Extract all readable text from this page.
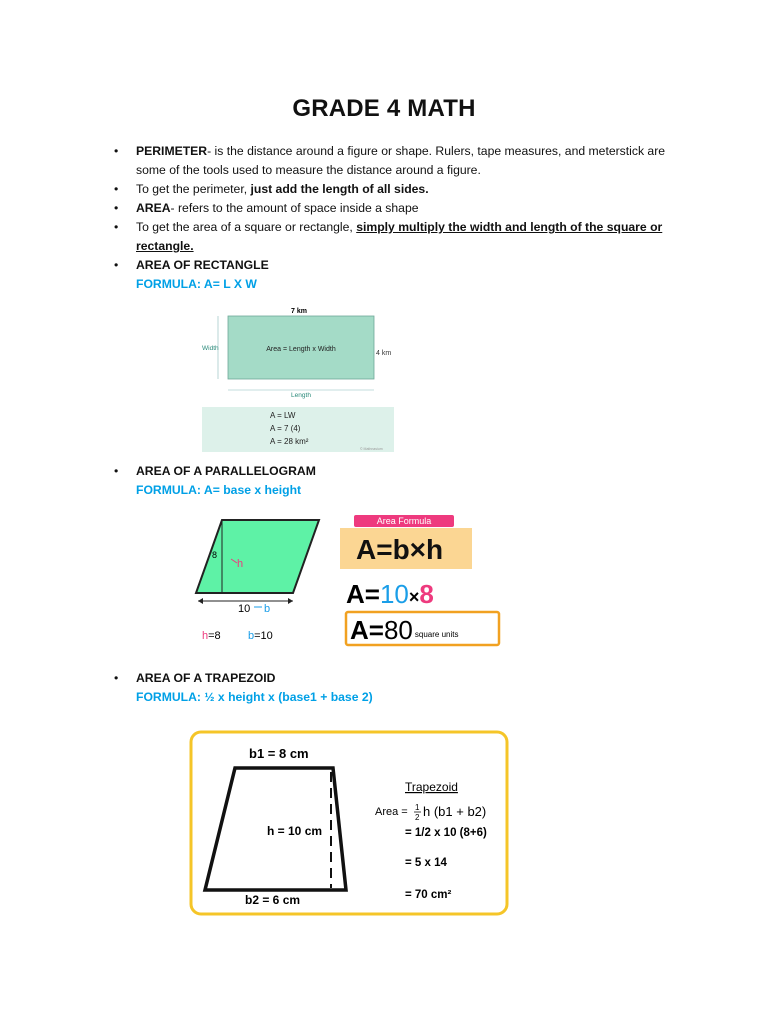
GRADE 4 MATH
• PERIMETER- is the distance around a figure or shape. Rulers, tape measures, and meterstick are some of the tools used to measure the distance around a figure.
• To get the perimeter, just add the length of all sides.
• AREA- refers to the amount of space inside a shape
• To get the area of a square or rectangle, simply multiply the width and length of the square or rectangle.
• AREA OF RECTANGLE
FORMULA: A= L X W
7 km
4 km
Width
Length
Area = Length x Width
A = LW
A = 7 (4)
A = 28 km²
© Mathnasium
• AREA OF A PARALLELOGRAM
FORMULA: A= base x height
8
h
10 b
h=8 b=10
Area Formula
A=b×h
A=10×8
A=80 square units
• AREA OF A TRAPEZOID
FORMULA: ½ x height x (base1 + base 2)
b1 = 8 cm
h = 10 cm
b2 = 6 cm
Trapezoid
Area = 1
2 h (b1 + b2)
= 1/2 x 10 (8+6)
= 5 x 14
= 70 cm²
